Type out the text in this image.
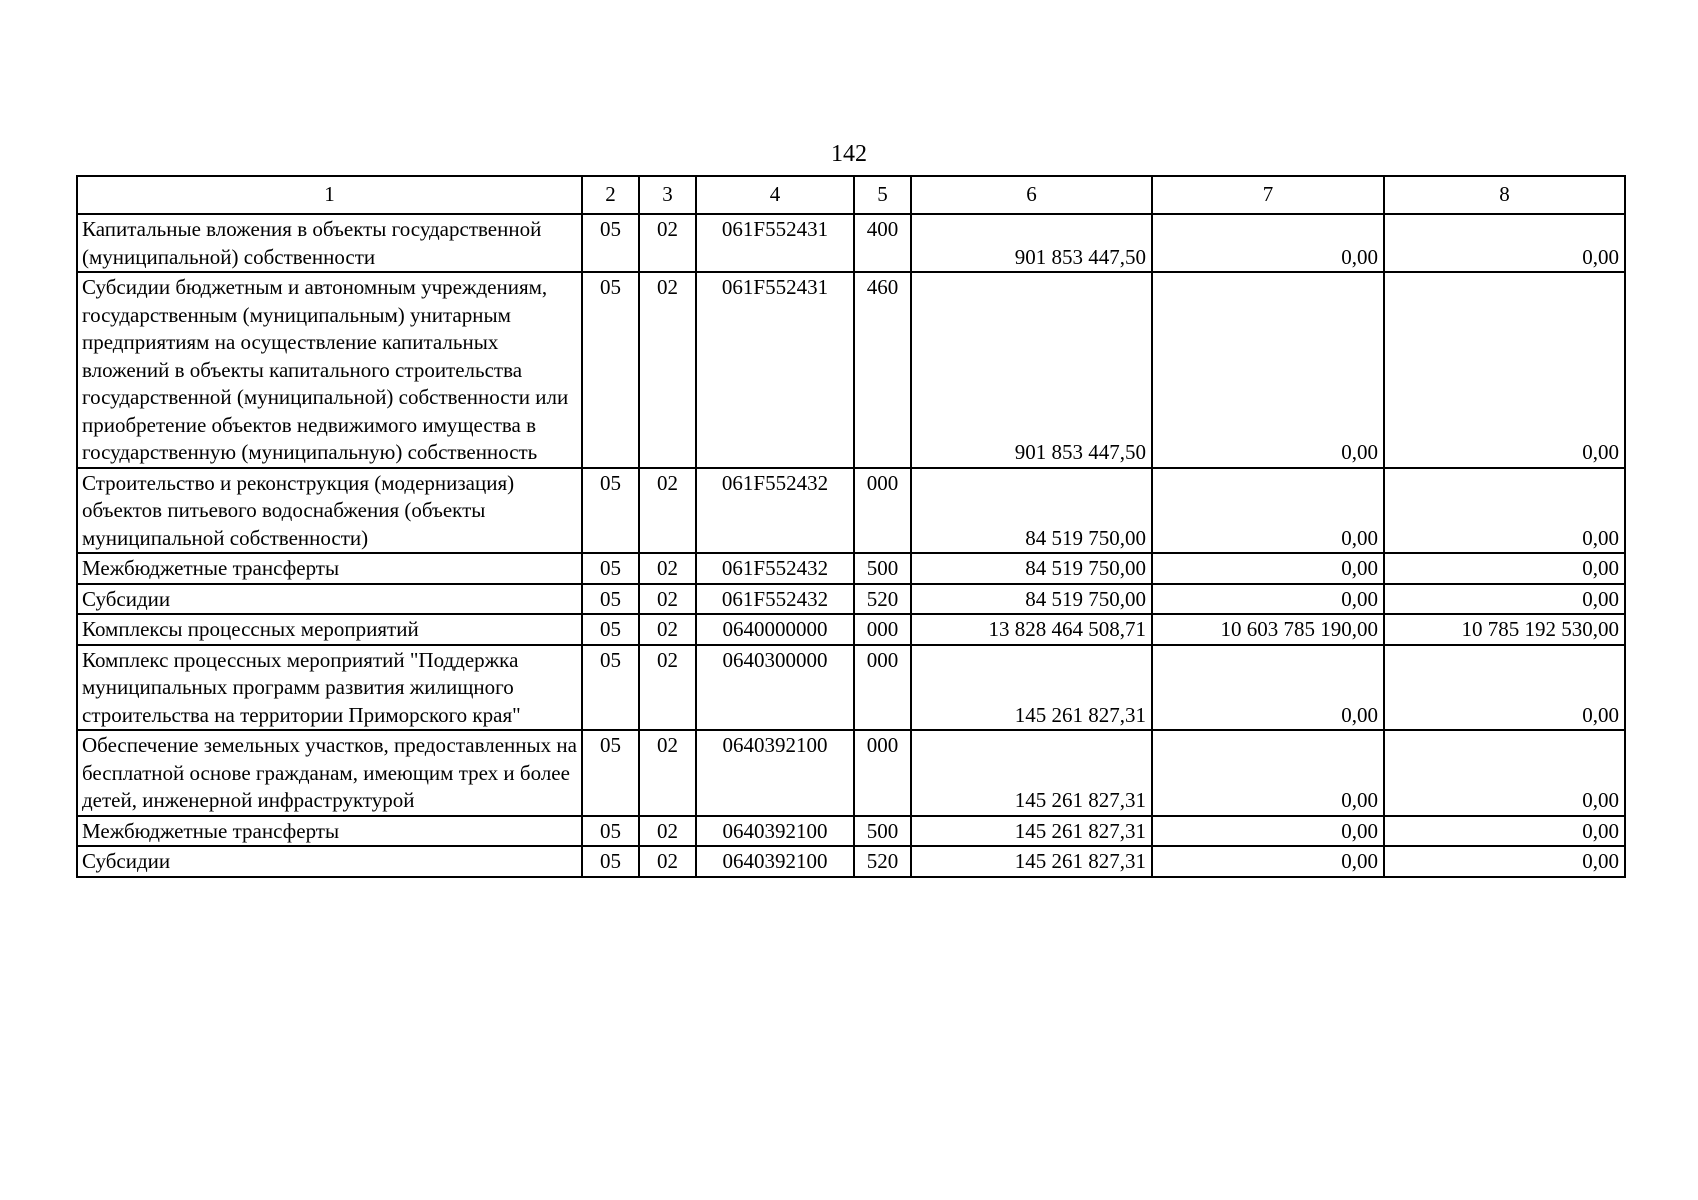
142
1	2	3	4	5	6	7	8
Капитальные вложения в объекты государственной (муниципальной) собственности	05	02	061F552431	400	901 853 447,50	0,00	0,00
Субсидии бюджетным и автономным учреждениям, государственным (муниципальным) унитарным предприятиям на осуществление капитальных вложений в объекты капитального строительства государственной (муниципальной) собственности или приобретение объектов недвижимого имущества в государственную (муниципальную) собственность	05	02	061F552431	460	901 853 447,50	0,00	0,00
Строительство и реконструкция (модернизация) объектов питьевого водоснабжения (объекты муниципальной собственности)	05	02	061F552432	000	84 519 750,00	0,00	0,00
Межбюджетные трансферты	05	02	061F552432	500	84 519 750,00	0,00	0,00
Субсидии	05	02	061F552432	520	84 519 750,00	0,00	0,00
Комплексы процессных мероприятий	05	02	0640000000	000	13 828 464 508,71	10 603 785 190,00	10 785 192 530,00
Комплекс процессных мероприятий "Поддержка муниципальных программ развития жилищного строительства на территории Приморского края"	05	02	0640300000	000	145 261 827,31	0,00	0,00
Обеспечение земельных участков, предоставленных на бесплатной основе гражданам, имеющим трех и более детей, инженерной инфраструктурой	05	02	0640392100	000	145 261 827,31	0,00	0,00
Межбюджетные трансферты	05	02	0640392100	500	145 261 827,31	0,00	0,00
Субсидии	05	02	0640392100	520	145 261 827,31	0,00	0,00
